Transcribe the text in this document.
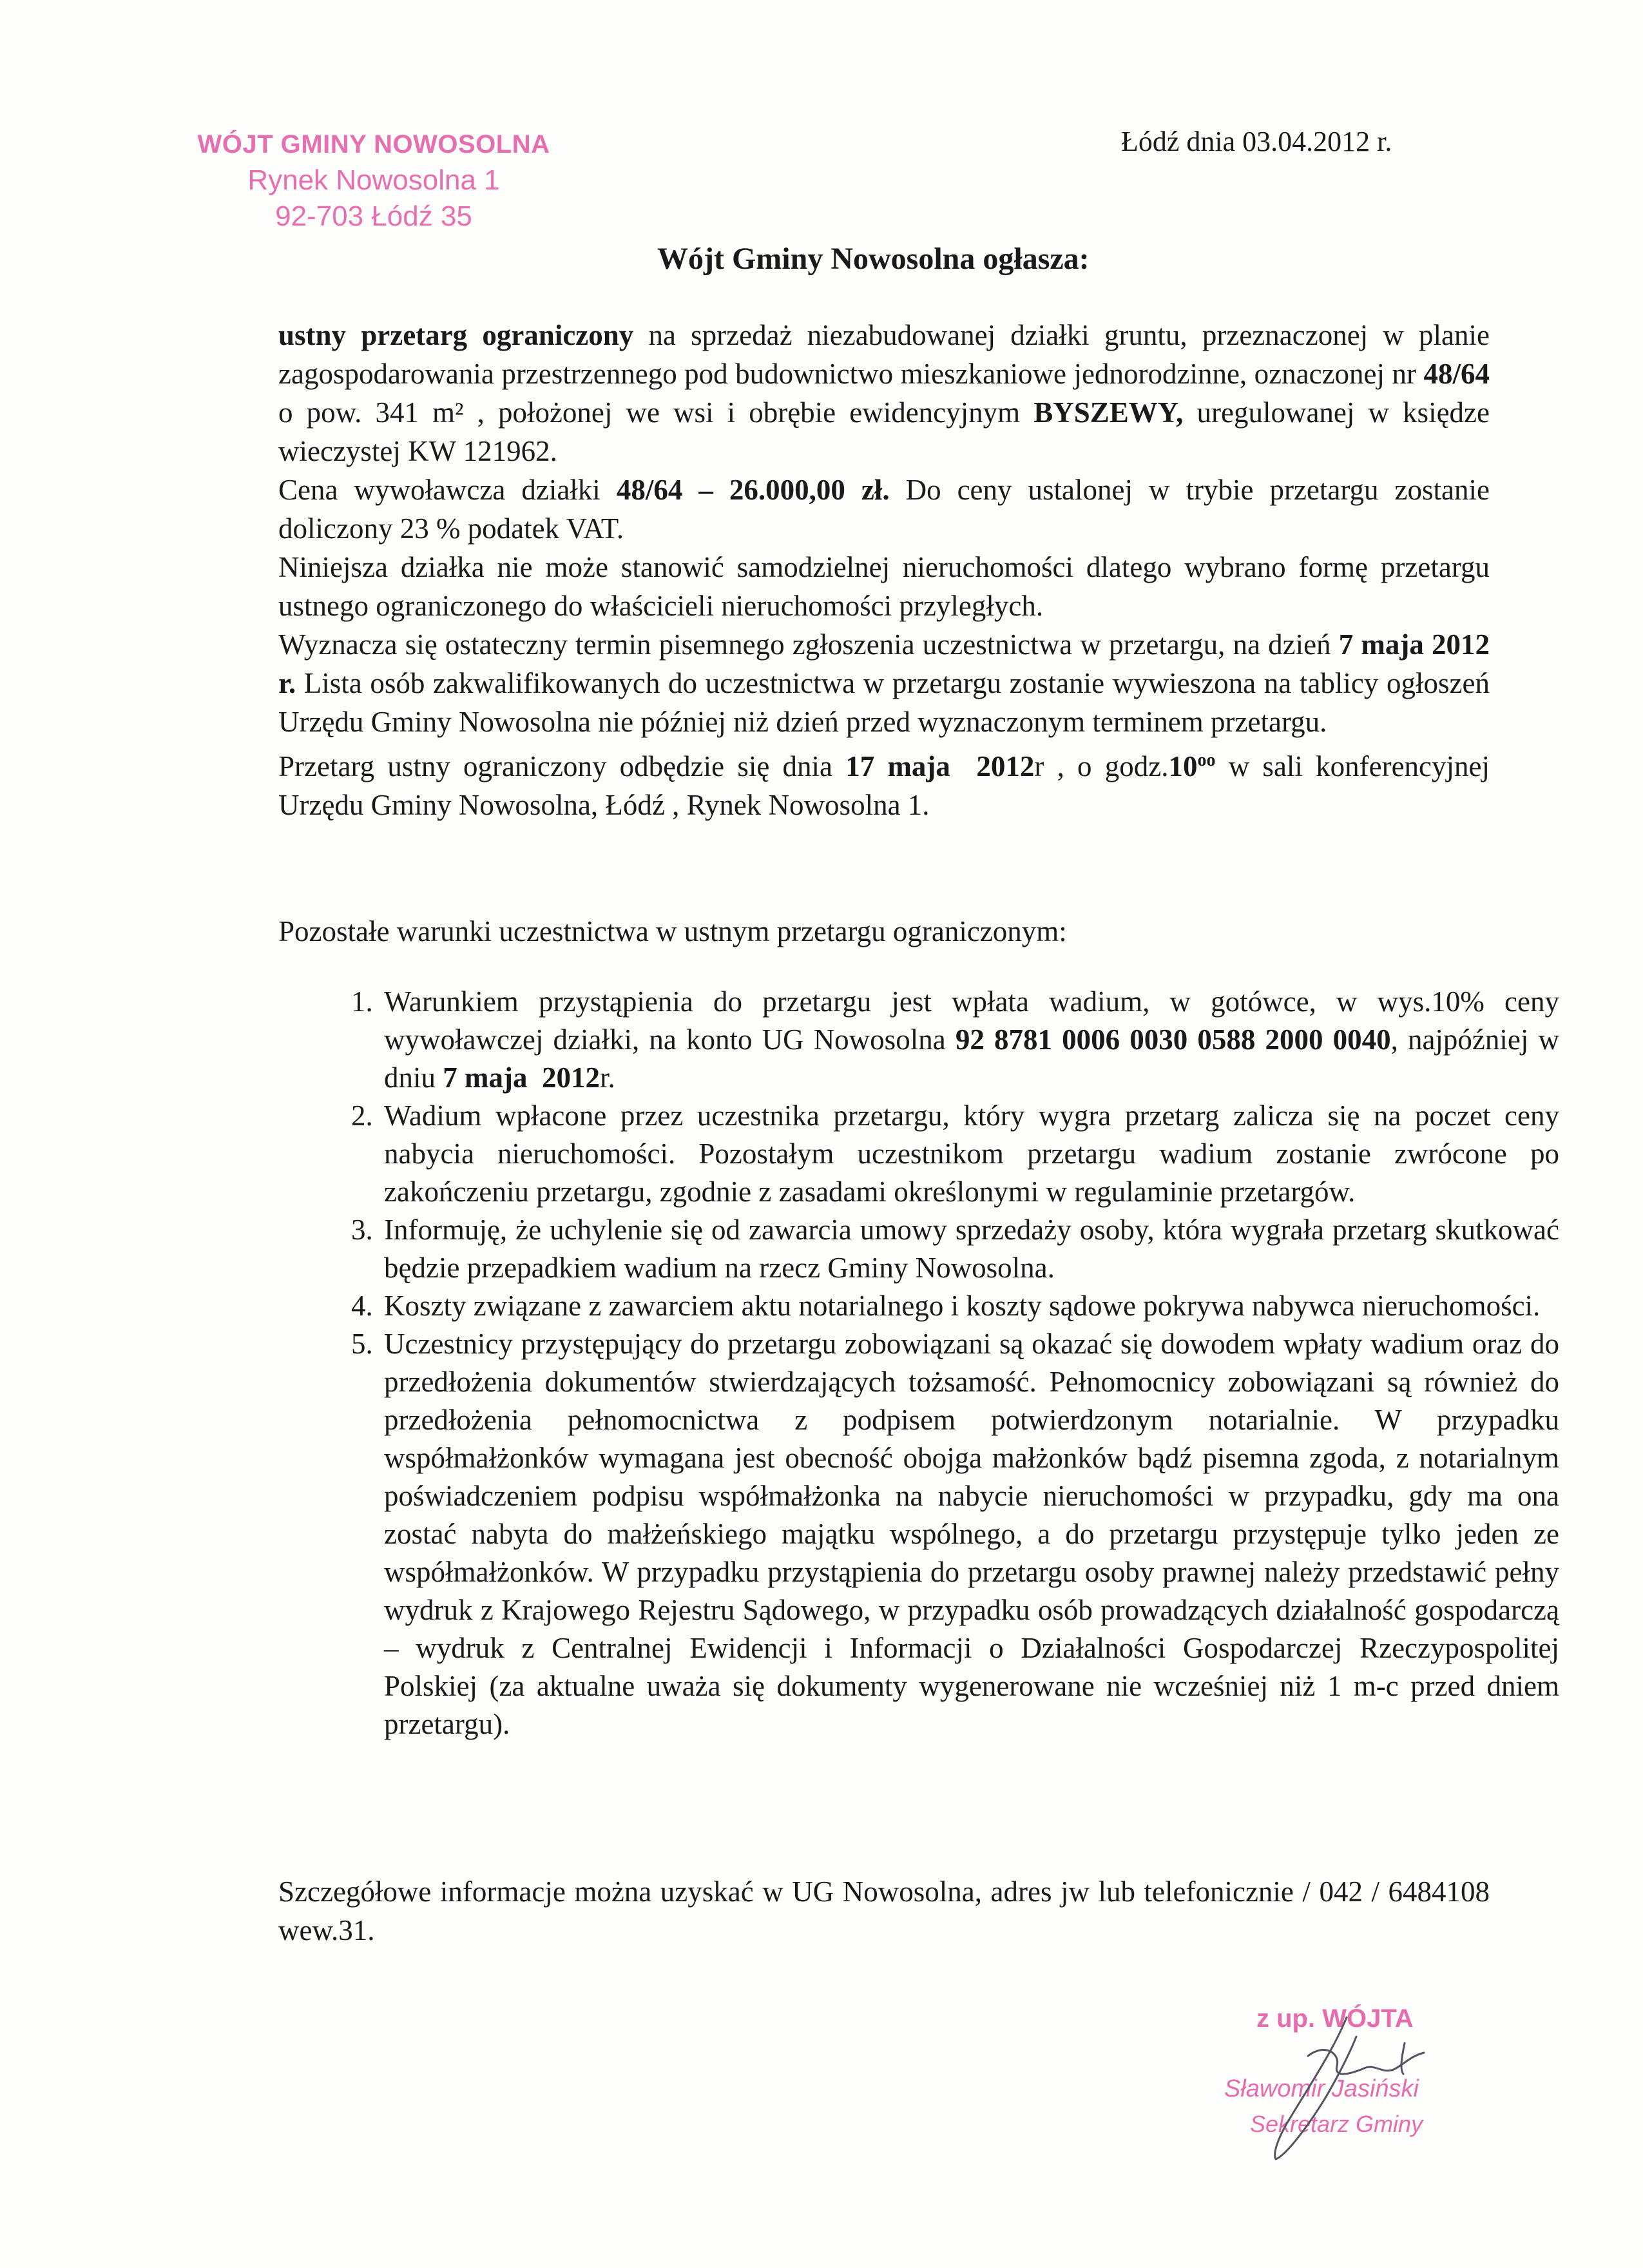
WÓJT GMINY NOWOSOLNA
Rynek Nowosolna 1
92-703 Łódź 35
Łódź dnia 03.04.2012 r.
Wójt Gminy Nowosolna ogłasza:

ustny przetarg ograniczony na sprzedaż niezabudowanej działki gruntu, przeznaczonej w planie zagospodarowania przestrzennego pod budownictwo mieszkaniowe jednorodzinne, oznaczonej nr 48/64 o pow. 341 m² , położonej we wsi i obrębie ewidencyjnym BYSZEWY, uregulowanej w księdze wieczystej KW 121962.

Cena wywoławcza działki 48/64 – 26.000,00 zł. Do ceny ustalonej w trybie przetargu zostanie doliczony 23 % podatek VAT.

Niniejsza działka nie może stanowić samodzielnej nieruchomości dlatego wybrano formę przetargu ustnego ograniczonego do właścicieli nieruchomości przyległych.

Wyznacza się ostateczny termin pisemnego zgłoszenia uczestnictwa w przetargu, na dzień 7 maja 2012 r. Lista osób zakwalifikowanych do uczestnictwa w przetargu zostanie wywieszona na tablicy ogłoszeń Urzędu Gminy Nowosolna nie później niż dzień przed wyznaczonym terminem przetargu.

Przetarg ustny ograniczony odbędzie się dnia 17 maja 2012r , o $godz.10^{oo}$ w sali konferencyjnej Urzędu Gminy Nowosolna, Łódź , Rynek Nowosolna 1.

Pozostałe warunki uczestnictwa w ustnym przetargu ograniczonym:
1. Warunkiem przystąpienia do przetargu jest wpłata wadium, w gotówce, w wys.10% ceny wywoławczej działki, na konto UG Nowosolna 92 8781 0006 0030 0588 2000 0040, najpóźniej w dniu 7 maja 2012r.
2. Wadium wpłacone przez uczestnika przetargu, który wygra przetarg zalicza się na poczet ceny nabycia nieruchomości. Pozostałym uczestnikom przetargu wadium zostanie zwrócone po zakończeniu przetargu, zgodnie z zasadami określonymi w regulaminie przetargów.
3. Informuję, że uchylenie się od zawarcia umowy sprzedaży osoby, która wygrała przetarg skutkować będzie przepadkiem wadium na rzecz Gminy Nowosolna.
4. Koszty związane z zawarciem aktu notarialnego i koszty sądowe pokrywa nabywca nieruchomości.
5. Uczestnicy przystępujący do przetargu zobowiązani są okazać się dowodem wpłaty wadium oraz do przedłożenia dokumentów stwierdzających tożsamość. Pełnomocnicy zobowiązani są również do przedłożenia pełnomocnictwa z podpisem potwierdzonym notarialnie. W przypadku współmałżonków wymagana jest obecność obojga małżonków bądź pisemna zgoda, z notarialnym poświadczeniem podpisu współmałżonka na nabycie nieruchomości w przypadku, gdy ma ona zostać nabyta do małżeńskiego majątku wspólnego, a do przetargu przystępuje tylko jeden ze współmałżonków. W przypadku przystąpienia do przetargu osoby prawnej należy przedstawić pełny wydruk z Krajowego Rejestru Sądowego, w przypadku osób prowadzących działalność gospodarczą – wydruk z Centralnej Ewidencji i Informacji o Działalności Gospodarczej Rzeczypospolitej Polskiej (za aktualne uważa się dokumenty wygenerowane nie wcześniej niż 1 m-c przed dniem przetargu).
Szczegółowe informacje można uzyskać w UG Nowosolna, adres jw lub telefonicznie / 042 / 6484108 wew.31.
z up. WÓJTA
Sławomir Jasiński
Sekretarz Gminy
